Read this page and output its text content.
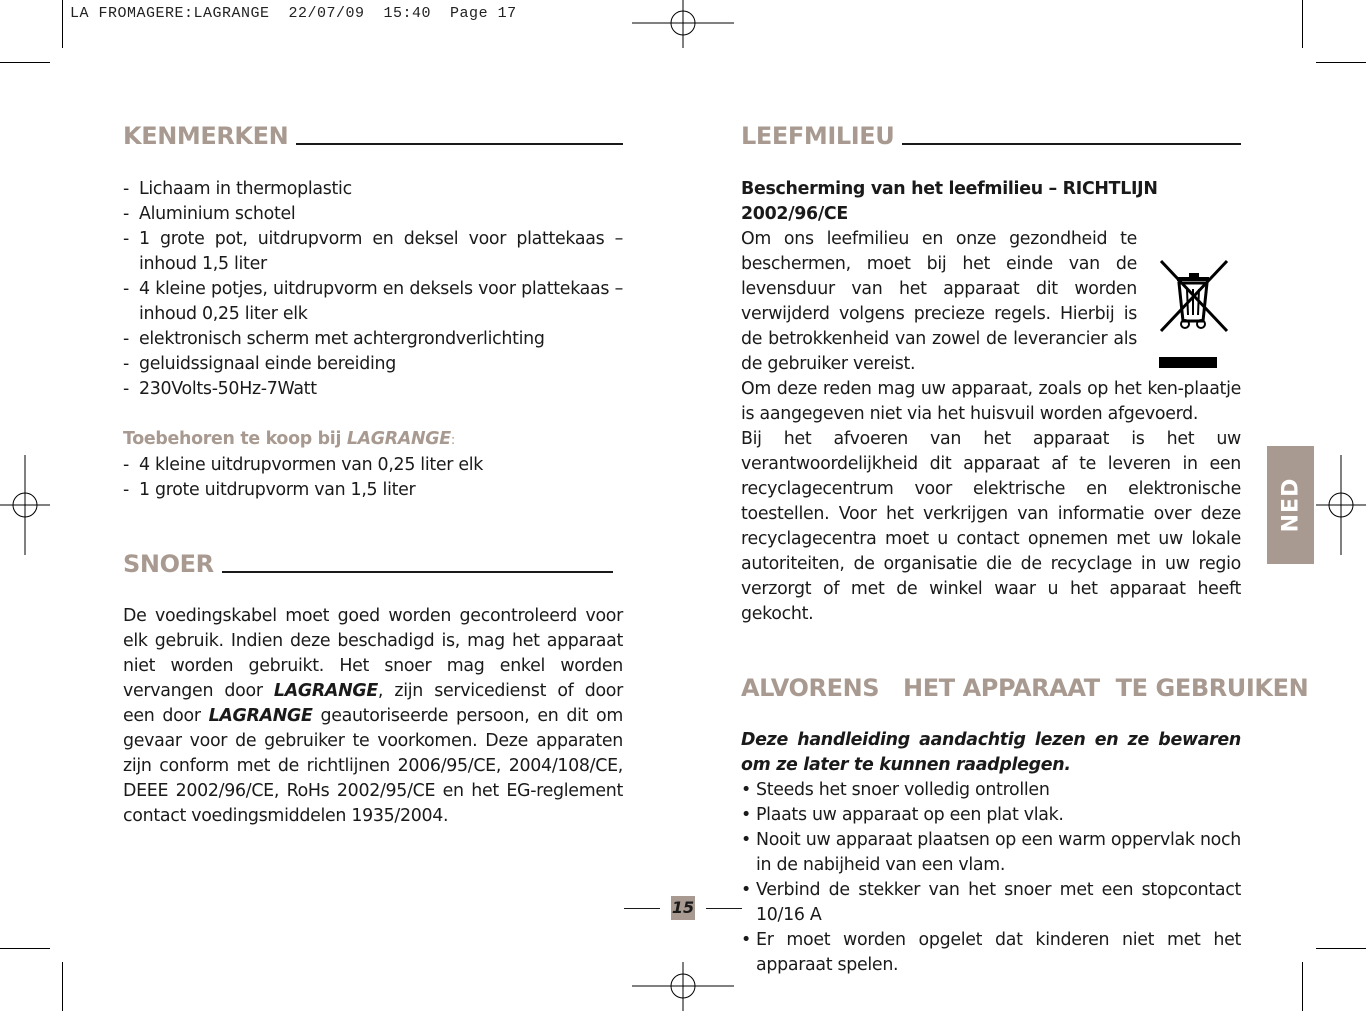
LA FROMAGERE:LAGRANGE  22/07/09  15:40  Page 17
KENMERKEN
- Lichaam in thermoplastic
- Aluminium schotel
- 1 grote pot, uitdrupvorm en deksel voor plattekaas – inhoud 1,5 liter
- 4 kleine potjes, uitdrupvorm en deksels voor plattekaas – inhoud 0,25 liter elk
- elektronisch scherm met achtergrondverlichting
- geluidssignaal einde bereiding
- 230Volts-50Hz-7Watt
Toebehoren te koop bij LAGRANGE:
- 4 kleine uitdrupvormen van 0,25 liter elk
- 1 grote uitdrupvorm van 1,5 liter
SNOER

De voedingskabel moet goed worden gecontroleerd voor elk gebruik. Indien deze beschadigd is, mag het apparaat niet worden gebruikt. Het snoer mag enkel worden vervangen door LAGRANGE, zijn servicedienst of door een door LAGRANGE geautoriseerde persoon, en dit om gevaar voor de gebruiker te voorkomen. Deze apparaten zijn conform met de richtlijnen 2006/95/CE, 2004/108/CE, DEEE 2002/96/CE, RoHs 2002/95/CE en het EG-reglement contact voedingsmiddelen 1935/2004.

LEEFMILIEU
Bescherming van het leefmilieu – RICHTLIJN 2002/96/CE

Om ons leefmilieu en onze gezondheid te beschermen, moet bij het einde van de levensduur van het apparaat dit worden verwijderd volgens precieze regels. Hierbij is de betrokkenheid van zowel de leverancier als de gebruiker vereist.

Om deze reden mag uw apparaat, zoals op het ken-plaatje is aangegeven niet via het huisvuil worden afgevoerd.

Bij het afvoeren van het apparaat is het uw verantwoordelijkheid dit apparaat af te leveren in een recyclagecentrum voor elektrische en elektronische toestellen. Voor het verkrijgen van informatie over deze recyclagecentra moet u contact opnemen met uw lokale autoriteiten, de organisatie die de recyclage in uw regio verzorgt of met de winkel waar u het apparaat heeft gekocht.

ALVORENS   HET APPARAAT  TE GEBRUIKEN

Deze handleiding aandachtig lezen en ze bewaren om ze later te kunnen raadplegen.

• Steeds het snoer volledig ontrollen
• Plaats uw apparaat op een plat vlak.
• Nooit uw apparaat plaatsen op een warm oppervlak noch in de nabijheid van een vlam.
• Verbind de stekker van het snoer met een stopcontact 10/16 A
• Er moet worden opgelet dat kinderen niet met het apparaat spelen.
NED
15
